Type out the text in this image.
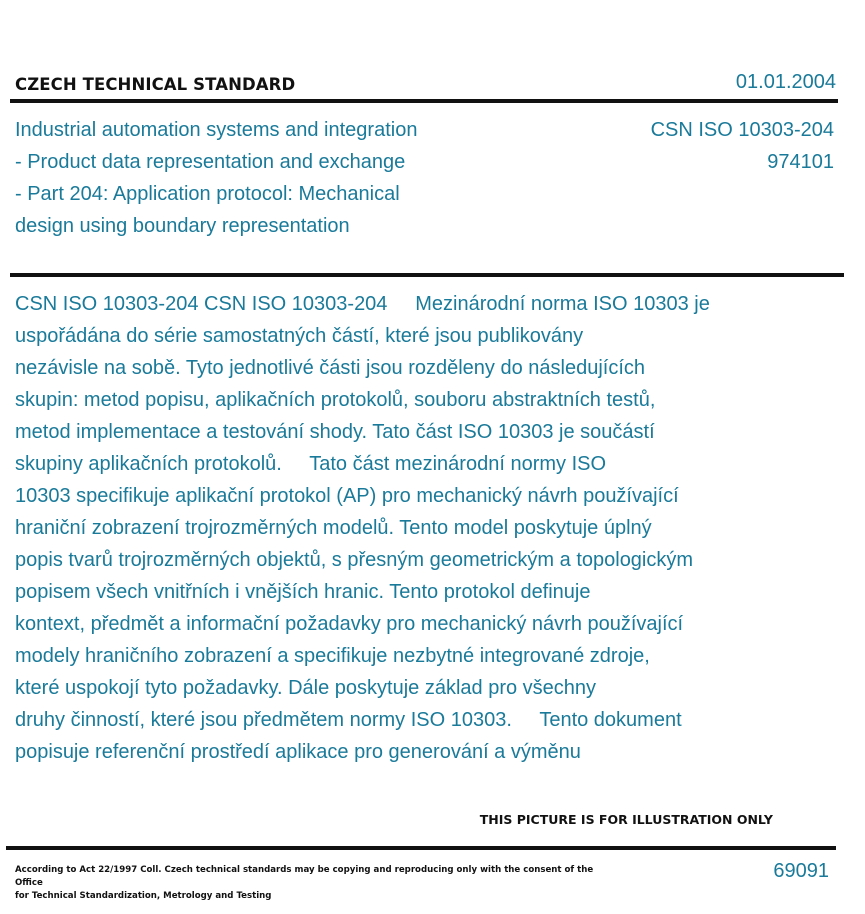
CZECH TECHNICAL STANDARD	01.01.2004
Industrial automation systems and integration
- Product data representation and exchange
- Part 204: Application protocol: Mechanical
design using boundary representation
CSN ISO 10303-204
974101
CSN ISO 10303-204 CSN ISO 10303-204     Mezinárodní norma ISO 10303 je
uspořádána do série samostatných částí, které jsou publikovány
nezávisle na sobě. Tyto jednotlivé části jsou rozděleny do následujících
skupin: metod popisu, aplikačních protokolů, souboru abstraktních testů,
metod implementace a testování shody. Tato část ISO 10303 je součástí
skupiny aplikačních protokolů.     Tato část mezinárodní normy ISO
10303 specifikuje aplikační protokol (AP) pro mechanický návrh používající
hraniční zobrazení trojrozměrných modelů. Tento model poskytuje úplný
popis tvarů trojrozměrných objektů, s přesným geometrickým a topologickým
popisem všech vnitřních i vnějších hranic. Tento protokol definuje
kontext, předmět a informační požadavky pro mechanický návrh používající
modely hraničního zobrazení a specifikuje nezbytné integrované zdroje,
které uspokojí tyto požadavky. Dále poskytuje základ pro všechny
druhy činností, které jsou předmětem normy ISO 10303.     Tento dokument
popisuje referenční prostředí aplikace pro generování a výměnu
THIS PICTURE IS FOR ILLUSTRATION ONLY
According to Act 22/1997 Coll. Czech technical standards may be copying and reproducing only with the consent of the Office
for Technical Standardization, Metrology and Testing
69091
